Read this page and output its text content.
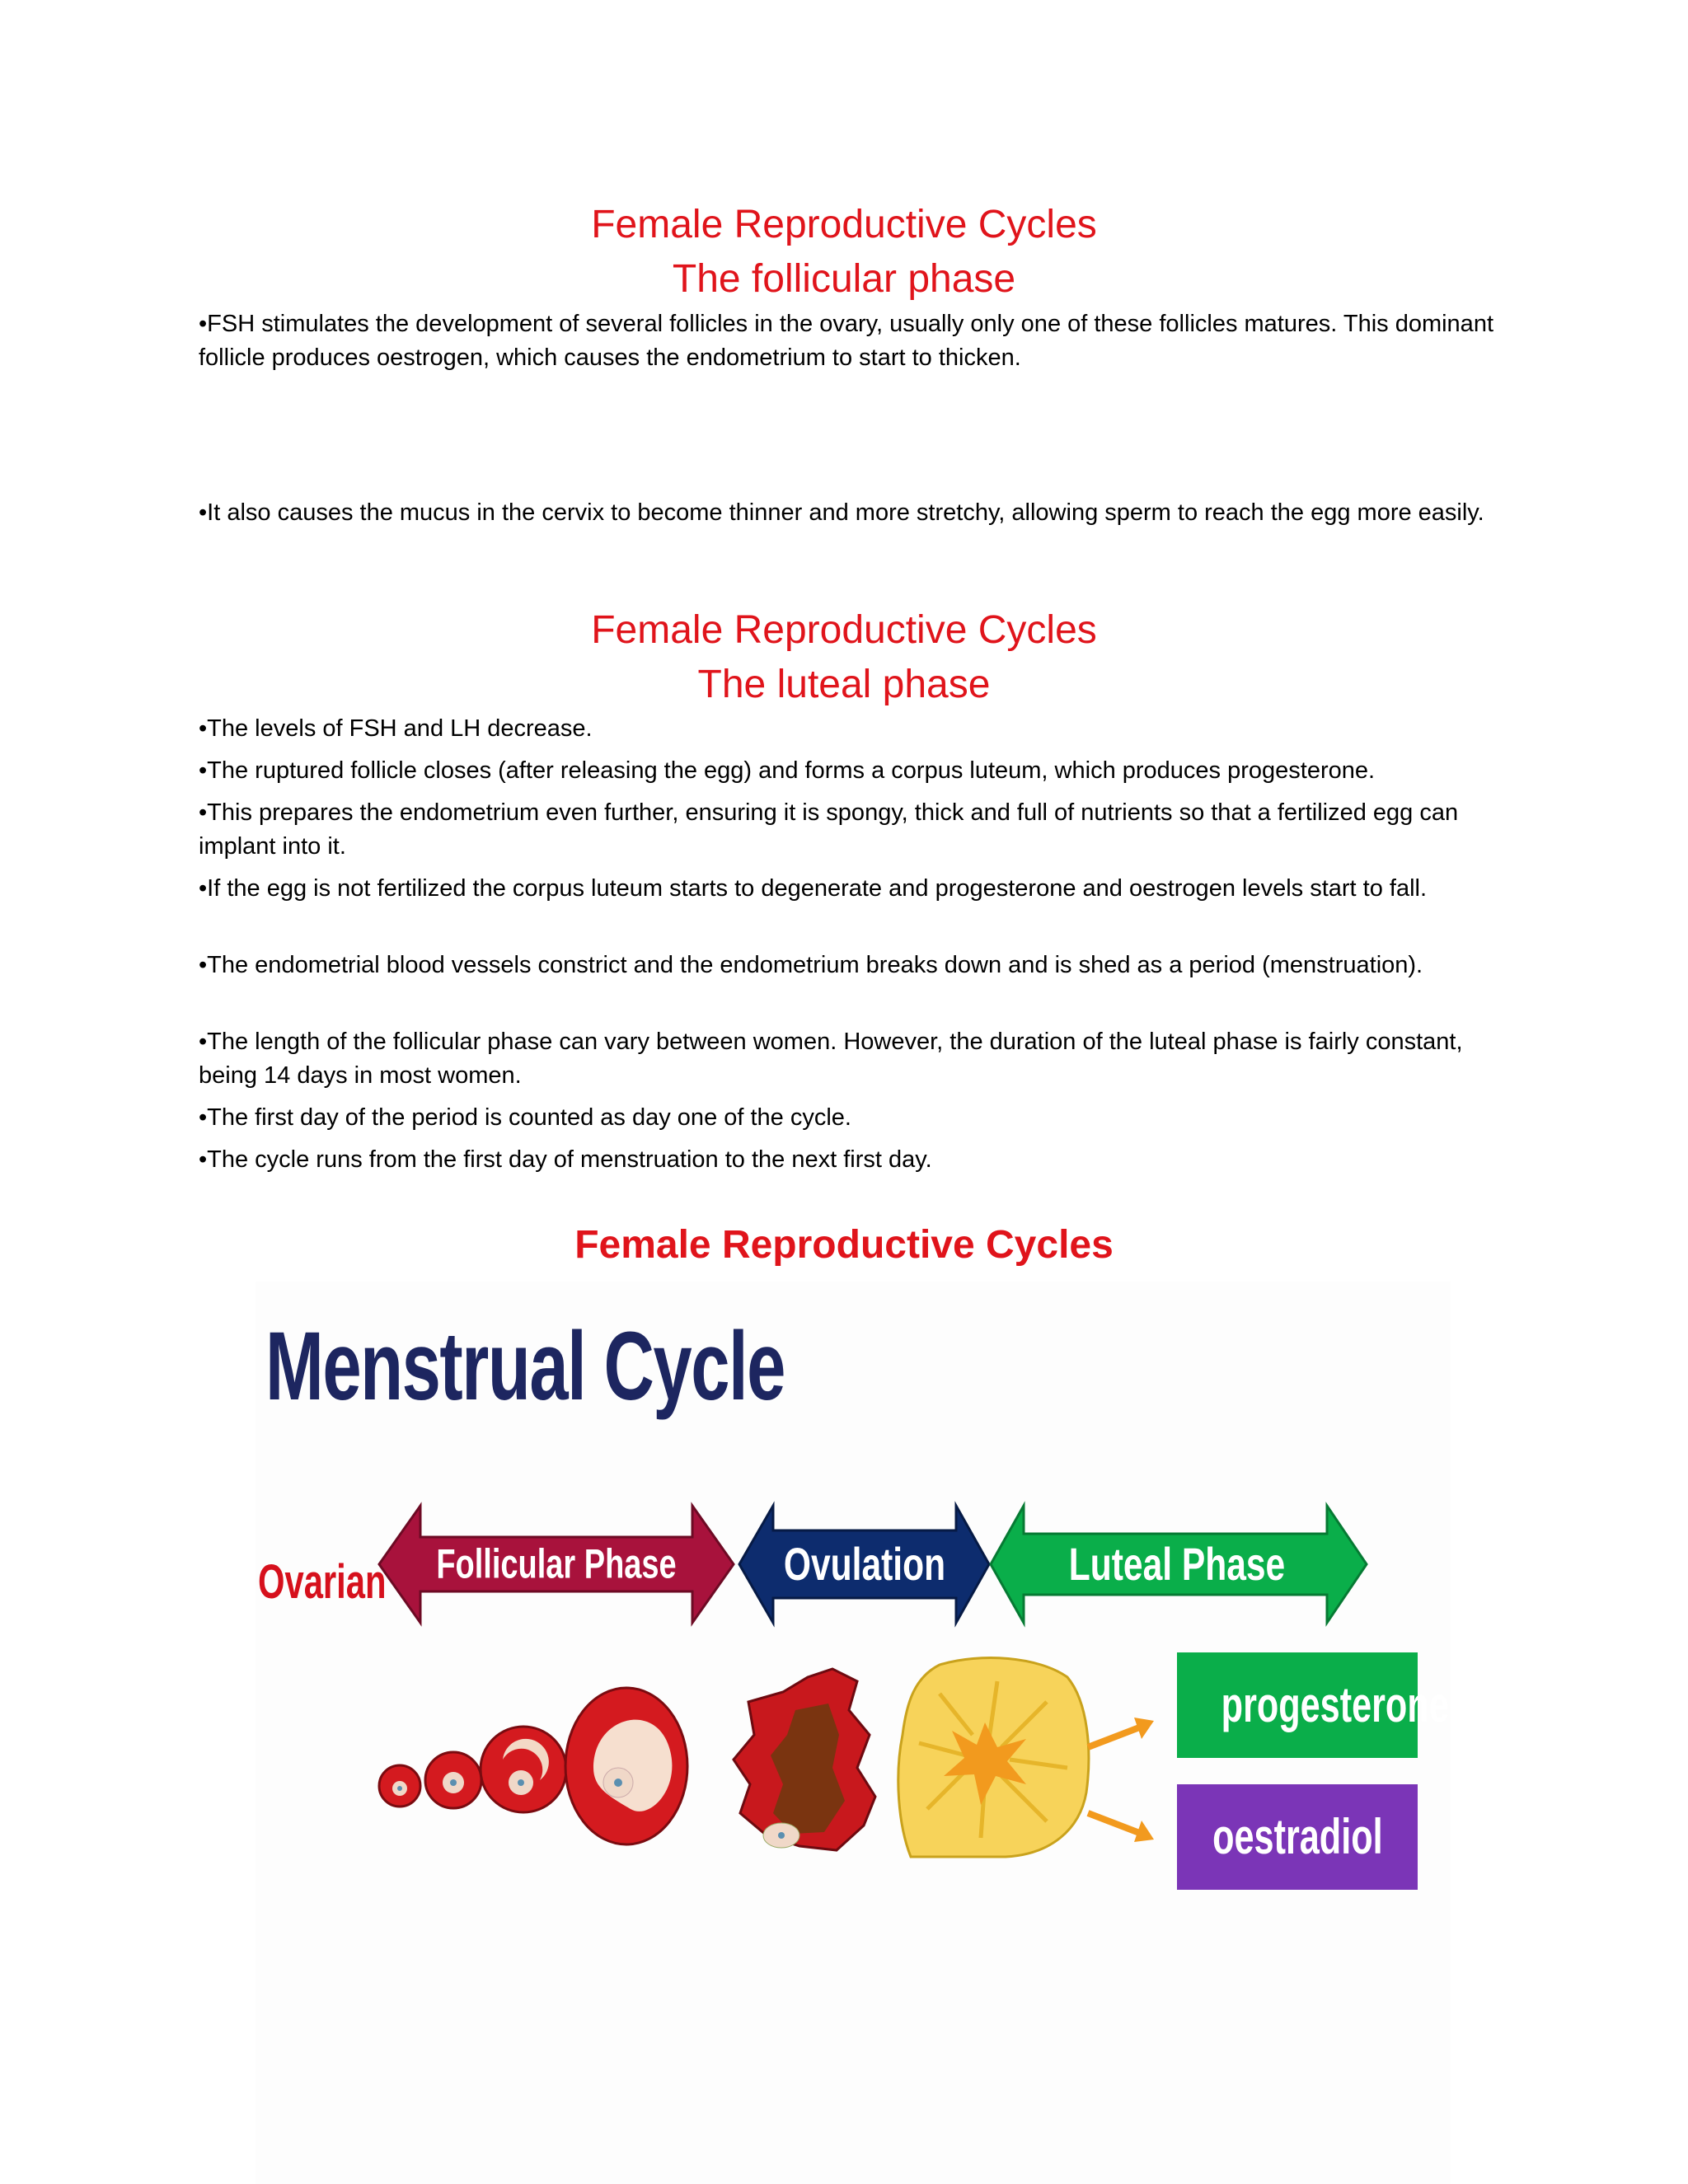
Female Reproductive Cycles
The follicular phase

•FSH stimulates the development of several follicles in the ovary, usually only one of these follicles matures. This dominant follicle produces oestrogen, which causes the endometrium to start to thicken.

•It also causes the mucus in the cervix to become thinner and more stretchy, allowing sperm to reach the egg more easily.

Female Reproductive Cycles
The luteal phase

•The levels of FSH and LH decrease.

•The ruptured follicle closes (after releasing the egg) and forms a corpus luteum, which produces progesterone.

•This prepares the endometrium even further, ensuring it is spongy, thick and full of nutrients so that a fertilized egg can implant into it.

•If the egg is not fertilized the corpus luteum starts to degenerate and progesterone and oestrogen levels start to fall.

•The endometrial blood vessels constrict and the endometrium breaks down and is shed as a period (menstruation).

•The length of the follicular phase can vary between women. However, the duration of the luteal phase is fairly constant, being 14 days in most women.

•The first day of the period is counted as day one of the cycle.

•The cycle runs from the first day of menstruation to the next first day.

Female Reproductive Cycles

Menstrual Cycle

Follicular Phase Ovulation	Luteal Phase

Ovarian

progesterone
oestradiol
